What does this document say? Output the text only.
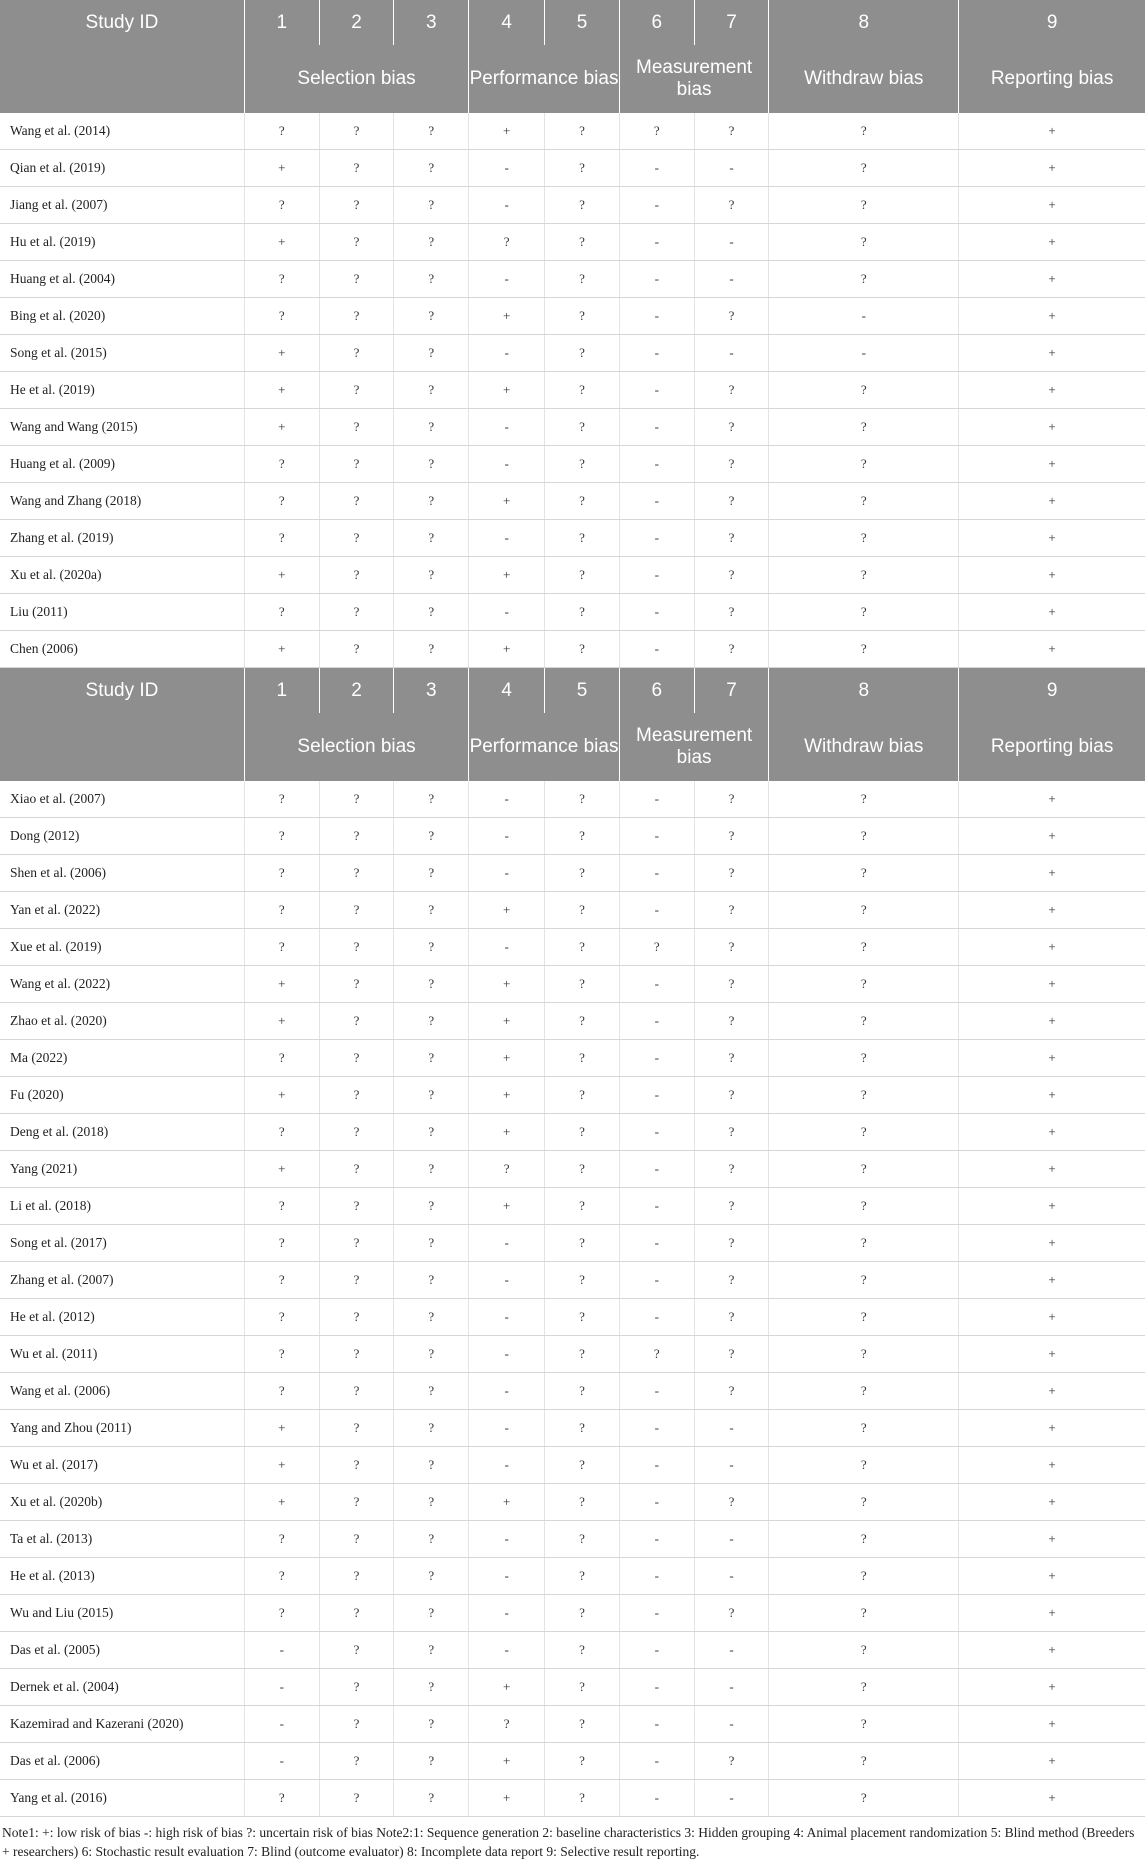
Study ID	1	2	3	4	5	6	7	8	9
	Selection bias			Performance bias		Measurement bias		Withdraw bias	Reporting bias
Wang et al. (2014)	?	?	?	+	?	?	?	?	+
Qian et al. (2019)	+	?	?	-	?	-	-	?	+
Jiang et al. (2007)	?	?	?	-	?	-	?	?	+
Hu et al. (2019)	+	?	?	?	?	-	-	?	+
Huang et al. (2004)	?	?	?	-	?	-	-	?	+
Bing et al. (2020)	?	?	?	+	?	-	?	-	+
Song et al. (2015)	+	?	?	-	?	-	-	-	+
He et al. (2019)	+	?	?	+	?	-	?	?	+
Wang and Wang (2015)	+	?	?	-	?	-	?	?	+
Huang et al. (2009)	?	?	?	-	?	-	?	?	+
Wang and Zhang (2018)	?	?	?	+	?	-	?	?	+
Zhang et al. (2019)	?	?	?	-	?	-	?	?	+
Xu et al. (2020a)	+	?	?	+	?	-	?	?	+
Liu (2011)	?	?	?	-	?	-	?	?	+
Chen (2006)	+	?	?	+	?	-	?	?	+
Study ID	1	2	3	4	5	6	7	8	9
	Selection bias			Performance bias		Measurement bias		Withdraw bias	Reporting bias
Xiao et al. (2007)	?	?	?	-	?	-	?	?	+
Dong (2012)	?	?	?	-	?	-	?	?	+
Shen et al. (2006)	?	?	?	-	?	-	?	?	+
Yan et al. (2022)	?	?	?	+	?	-	?	?	+
Xue et al. (2019)	?	?	?	-	?	?	?	?	+
Wang et al. (2022)	+	?	?	+	?	-	?	?	+
Zhao et al. (2020)	+	?	?	+	?	-	?	?	+
Ma (2022)	?	?	?	+	?	-	?	?	+
Fu (2020)	+	?	?	+	?	-	?	?	+
Deng et al. (2018)	?	?	?	+	?	-	?	?	+
Yang (2021)	+	?	?	?	?	-	?	?	+
Li et al. (2018)	?	?	?	+	?	-	?	?	+
Song et al. (2017)	?	?	?	-	?	-	?	?	+
Zhang et al. (2007)	?	?	?	-	?	-	?	?	+
He et al. (2012)	?	?	?	-	?	-	?	?	+
Wu et al. (2011)	?	?	?	-	?	?	?	?	+
Wang et al. (2006)	?	?	?	-	?	-	?	?	+
Yang and Zhou (2011)	+	?	?	-	?	-	-	?	+
Wu et al. (2017)	+	?	?	-	?	-	-	?	+
Xu et al. (2020b)	+	?	?	+	?	-	?	?	+
Ta et al. (2013)	?	?	?	-	?	-	-	?	+
He et al. (2013)	?	?	?	-	?	-	-	?	+
Wu and Liu (2015)	?	?	?	-	?	-	?	?	+
Das et al. (2005)	-	?	?	-	?	-	-	?	+
Dernek et al. (2004)	-	?	?	+	?	-	-	?	+
Kazemirad and Kazerani (2020)	-	?	?	?	?	-	-	?	+
Das et al. (2006)	-	?	?	+	?	-	?	?	+
Yang et al. (2016)	?	?	?	+	?	-	-	?	+

Note1: +: low risk of bias -: high risk of bias ?: uncertain risk of bias Note2:1: Sequence generation 2: baseline characteristics 3: Hidden grouping 4: Animal placement randomization 5: Blind method (Breeders + researchers) 6: Stochastic result evaluation 7: Blind (outcome evaluator) 8: Incomplete data report 9: Selective result reporting.
